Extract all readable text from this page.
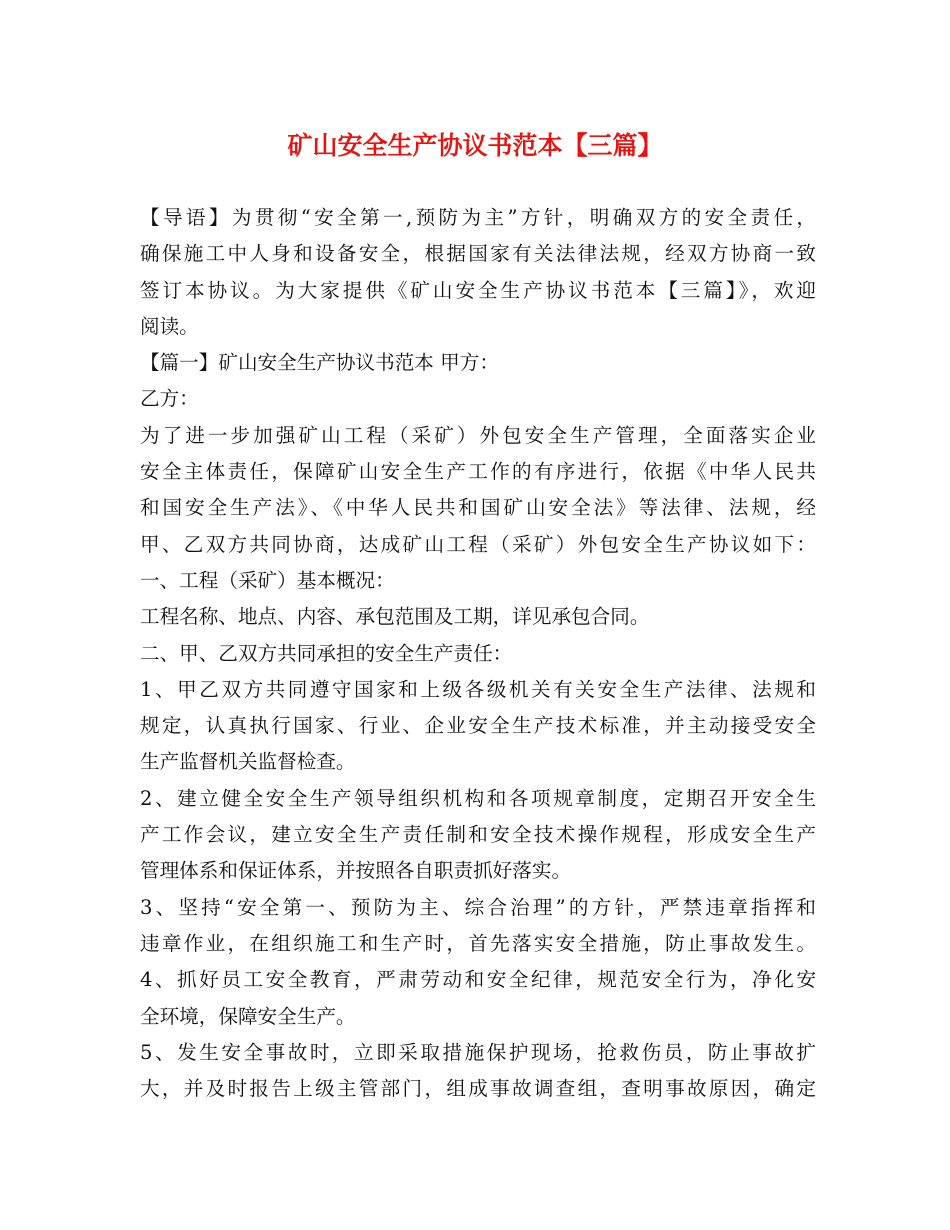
矿山安全生产协议书范本【三篇】
【导语】为贯彻“安全第一,预防为主”方针，明确双方的安全责任，
确保施工中人身和设备安全，根据国家有关法律法规，经双方协商一致
签订本协议。为大家提供《矿山安全生产协议书范本【三篇】》，欢迎
阅读。
【篇一】矿山安全生产协议书范本 甲方：
乙方：
为了进一步加强矿山工程（采矿）外包安全生产管理，全面落实企业
安全主体责任，保障矿山安全生产工作的有序进行，依据《中华人民共
和国安全生产法》、《中华人民共和国矿山安全法》等法律、法规，经
甲、乙双方共同协商，达成矿山工程（采矿）外包安全生产协议如下：
一、工程（采矿）基本概况：
工程名称、地点、内容、承包范围及工期，详见承包合同。
二、甲、乙双方共同承担的安全生产责任：
1、甲乙双方共同遵守国家和上级各级机关有关安全生产法律、法规和
规定，认真执行国家、行业、企业安全生产技术标准，并主动接受安全
生产监督机关监督检查。
2、建立健全安全生产领导组织机构和各项规章制度，定期召开安全生
产工作会议，建立安全生产责任制和安全技术操作规程，形成安全生产
管理体系和保证体系，并按照各自职责抓好落实。
3、坚持“安全第一、预防为主、综合治理”的方针，严禁违章指挥和
违章作业，在组织施工和生产时，首先落实安全措施，防止事故发生。
4、抓好员工安全教育，严肃劳动和安全纪律，规范安全行为，净化安
全环境，保障安全生产。
5、发生安全事故时，立即采取措施保护现场，抢救伤员，防止事故扩
大，并及时报告上级主管部门，组成事故调查组，查明事故原因，确定
